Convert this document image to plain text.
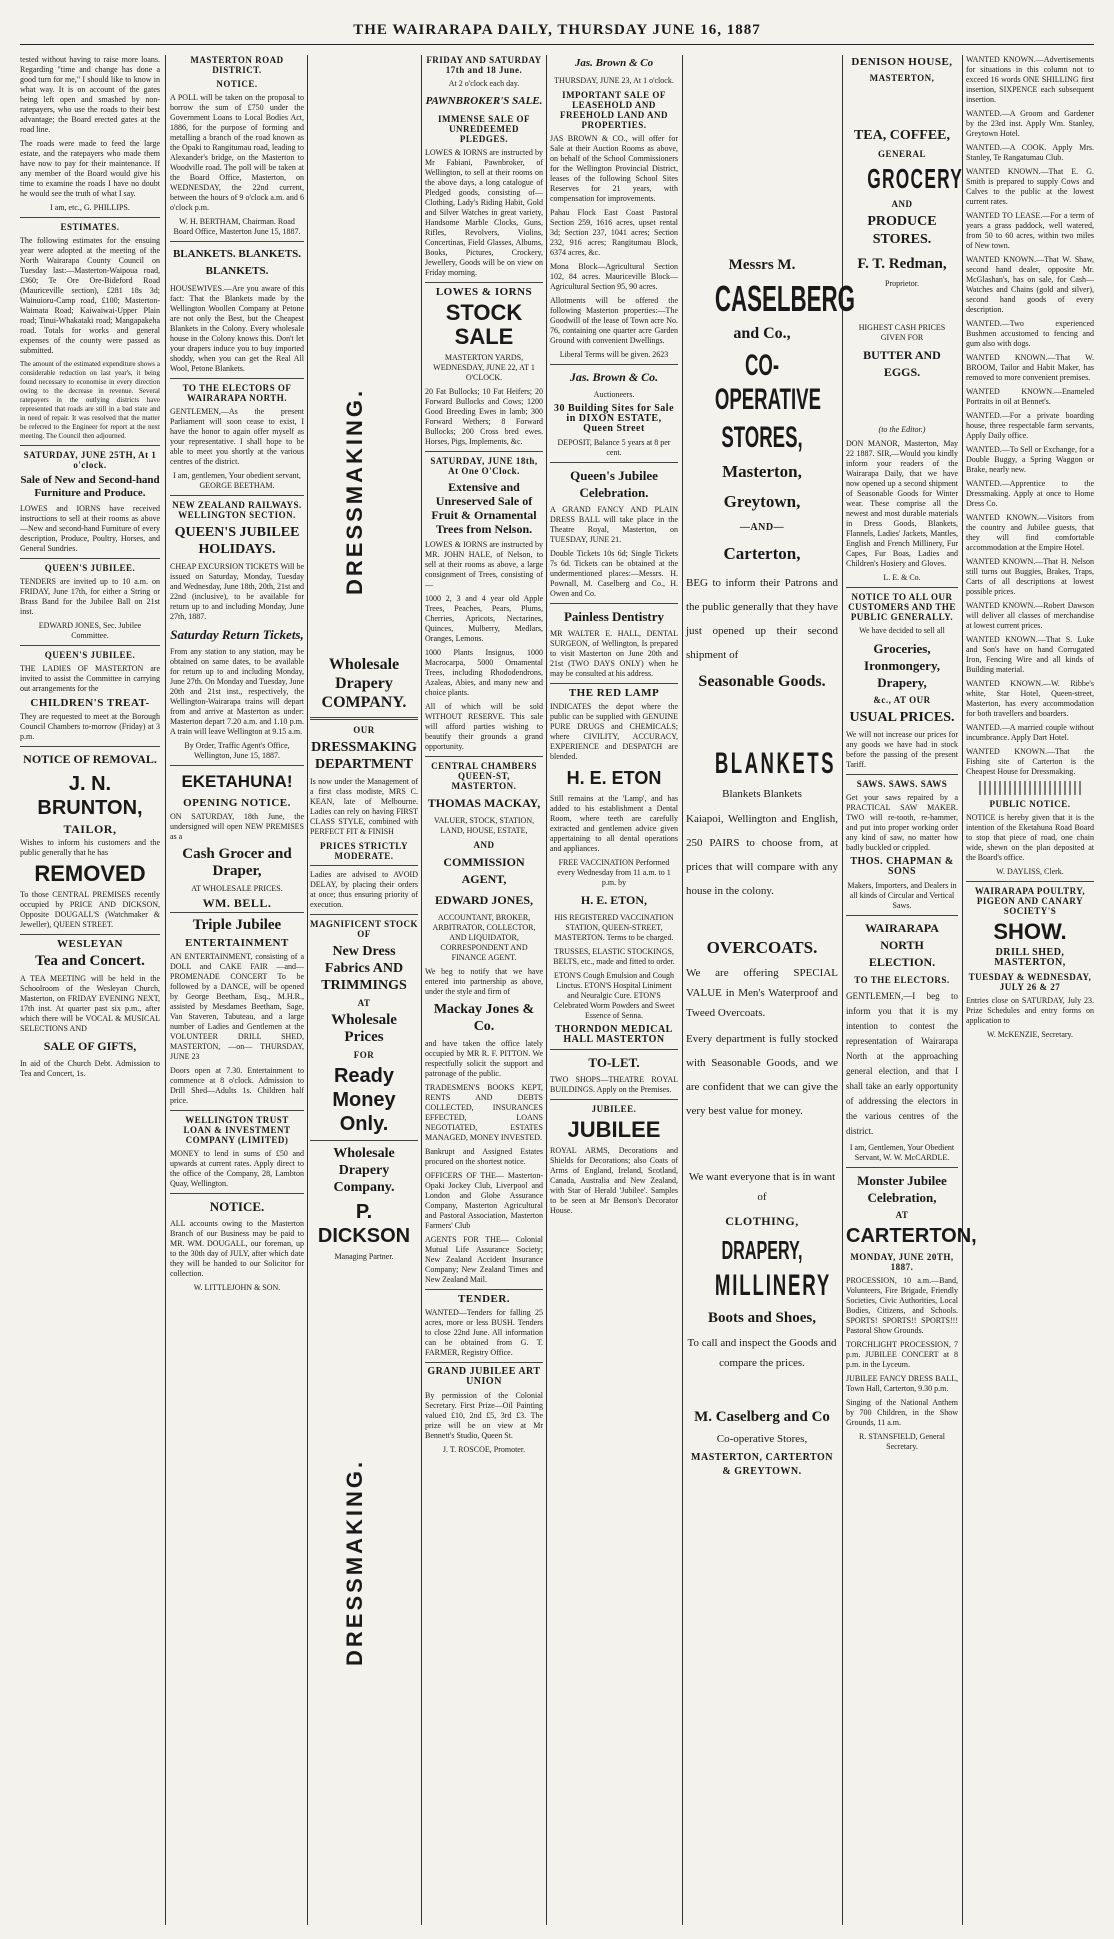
THE WAIRARAPA DAILY, THURSDAY JUNE 16, 1887

tested without having to raise more loans. Regarding "time and change has done a good turn for me," I should like to know in what way. It is on account of the gates being left open and smashed by non-ratepayers, who use the roads to their best advantage; the Board erected gates at the road line.

The roads were made to feed the large estate, and the ratepayers who made them have now to pay for their maintenance. If any member of the Board would give his time to examine the roads I have no doubt he would see the truth of what I say.

I am, etc., G. PHILLIPS.

ESTIMATES.

The following estimates for the ensuing year were adopted at the meeting of the North Wairarapa County Council on Tuesday last:—Masterton-Waipoua road, £360; Te Ore Ore-Bideford Road (Mauriceville section), £281 18s 3d; Wainuioru-Camp road, £100; Masterton-Waimata Road; Kaiwaiwai-Upper Plain road; Tinui-Whakataki road; Mangapakeha road. Totals for works and general expenses of the county were passed as submitted.

The amount of the estimated expenditure shows a considerable reduction on last year's, it being found necessary to economise in every direction owing to the decrease in revenue. Several ratepayers in the outlying districts have represented that roads are still in a bad state and in need of repair. It was resolved that the matter be referred to the Engineer for report at the next meeting. The Council then adjourned.

SATURDAY, JUNE 25TH, At 1 o'clock.

Sale of New and Second-hand Furniture and Produce.

LOWES and IORNS have received instructions to sell at their rooms as above—New and second-hand Furniture of every description, Produce, Poultry, Horses, and General Sundries.

QUEEN'S JUBILEE.

TENDERS are invited up to 10 a.m. on FRIDAY, June 17th, for either a String or Brass Band for the Jubilee Ball on 21st inst.

EDWARD JONES, Sec. Jubilee Committee.

QUEEN'S JUBILEE.

THE LADIES OF MASTERTON are invited to assist the Committee in carrying out arrangements for the

CHILDREN'S TREAT-

They are requested to meet at the Borough Council Chambers to-morrow (Friday) at 3 p.m.

NOTICE OF REMOVAL.

J. N. BRUNTON,

TAILOR,

Wishes to inform his customers and the public generally that he has

REMOVED

To those CENTRAL PREMISES recently occupied by PRICE AND DICKSON, Opposite DOUGALL'S (Watchmaker & Jeweller), QUEEN STREET.

WESLEYAN

Tea and Concert.

A TEA MEETING will be held in the Schoolroom of the Wesleyan Church, Masterton, on FRIDAY EVENING NEXT, 17th inst. At quarter past six p.m., after which there will be VOCAL & MUSICAL SELECTIONS AND

SALE OF GIFTS,

In aid of the Church Debt. Admission to Tea and Concert, 1s.

MASTERTON ROAD DISTRICT.

NOTICE.

A POLL will be taken on the proposal to borrow the sum of £750 under the Government Loans to Local Bodies Act, 1886, for the purpose of forming and metalling a branch of the road known as the Opaki to Rangitumau road, leading to Alexander's bridge, on the Masterton to Woodville road. The poll will be taken at the Board Office, Masterton, on WEDNESDAY, the 22nd current, between the hours of 9 o'clock a.m. and 6 o'clock p.m.

W. H. BERTHAM, Chairman. Road Board Office, Masterton June 15, 1887.

BLANKETS. BLANKETS. BLANKETS.

HOUSEWIVES.—Are you aware of this fact: That the Blankets made by the Wellington Woollen Company at Petone are not only the Best, but the Cheapest Blankets in the Colony. Every wholesale house in the Colony knows this. Don't let your drapers induce you to buy imported shoddy, when you can get the Real All Wool, Petone Blankets.

TO THE ELECTORS OF WAIRARAPA NORTH.

GENTLEMEN,—As the present Parliament will soon cease to exist, I have the honor to again offer myself as your representative. I shall hope to be able to meet you shortly at the various centres of the district.

I am, gentlemen, Your obedient servant, GEORGE BEETHAM.

NEW ZEALAND RAILWAYS. WELLINGTON SECTION.

QUEEN'S JUBILEE HOLIDAYS.

CHEAP EXCURSION TICKETS Will be issued on Saturday, Monday, Tuesday and Wednesday, June 18th, 20th, 21st and 22nd (inclusive), to be available for return up to and including Monday, June 27th, 1887.

Saturday Return Tickets,

From any station to any station, may be obtained on same dates, to be available for return up to and including Monday, June 27th. On Monday and Tuesday, June 20th and 21st inst., respectively, the Wellington-Wairarapa trains will depart from and arrive at Masterton as under: Masterton depart 7.20 a.m. and 1.10 p.m. A train will leave Wellington at 9.15 a.m.

By Order, Traffic Agent's Office, Wellington, June 15, 1887.

EKETAHUNA!

OPENING NOTICE.

ON SATURDAY, 18th June, the undersigned will open NEW PREMISES as a

Cash Grocer and Draper,

AT WHOLESALE PRICES.

WM. BELL.

Triple Jubilee

ENTERTAINMENT

AN ENTERTAINMENT, consisting of a DOLL and CAKE FAIR —and— PROMENADE CONCERT To be followed by a DANCE, will be opened by George Beetham, Esq., M.H.R., assisted by Mesdames Beetham, Sage, Van Staveren, Tabuteau, and a large number of Ladies and Gentlemen at the VOLUNTEER DRILL SHED, MASTERTON, —on— THURSDAY, JUNE 23

Doors open at 7.30. Entertainment to commence at 8 o'clock. Admission to Drill Shed—Adults 1s. Children half price.

WELLINGTON TRUST LOAN & INVESTMENT COMPANY (LIMITED)

MONEY to lend in sums of £50 and upwards at current rates. Apply direct to the office of the Company, 28, Lambton Quay, Wellington.

NOTICE.

ALL accounts owing to the Masterton Branch of our Business may be paid to MR. WM. DOUGALL, our foreman, up to the 30th day of JULY, after which date they will be handed to our Solicitor for collection.

W. LITTLEJOHN & SON.

DRESSMAKING.

Wholesale Drapery COMPANY.

OUR

DRESSMAKING DEPARTMENT

Is now under the Management of a first class modiste, MRS C. KEAN, late of Melbourne. Ladies can rely on having FIRST CLASS STYLE, combined with PERFECT FIT & FINISH

PRICES STRICTLY MODERATE.

Ladies are advised to AVOID DELAY, by placing their orders at once; thus ensuring priority of execution.

MAGNIFICENT STOCK OF

New Dress Fabrics AND TRIMMINGS

AT

Wholesale Prices

FOR

Ready Money Only.

Wholesale Drapery Company.

P. DICKSON

Managing Partner.

DRESSMAKING.

FRIDAY AND SATURDAY 17th and 18 June.

At 2 o'clock each day.

PAWNBROKER'S SALE.

IMMENSE SALE OF UNREDEEMED PLEDGES.

LOWES & IORNS are instructed by Mr Fabiani, Pawnbroker, of Wellington, to sell at their rooms on the above days, a long catalogue of Pledged goods, consisting of—Clothing, Lady's Riding Habit, Gold and Silver Watches in great variety, Handsome Marble Clocks, Guns, Rifles, Revolvers, Violins, Concertinas, Field Glasses, Albums, Books, Pictures, Crockery, Jewellery, Goods will be on view on Friday morning.

LOWES & IORNS

STOCK SALE

MASTERTON YARDS, WEDNESDAY, JUNE 22, AT 1 O'CLOCK.

20 Fat Bullocks; 10 Fat Heifers; 20 Forward Bullocks and Cows; 1200 Good Breeding Ewes in lamb; 300 Forward Wethers; 8 Forward Bullocks; 200 Cross bred ewes. Horses, Pigs, Implements, &c.

SATURDAY, JUNE 18th, At One O'Clock.

Extensive and Unreserved Sale of Fruit & Ornamental Trees from Nelson.

LOWES & IORNS are instructed by MR. JOHN HALE, of Nelson, to sell at their rooms as above, a large consignment of Trees, consisting of—

1000 2, 3 and 4 year old Apple Trees, Peaches, Pears, Plums, Cherries, Apricots, Nectarines, Quinces, Mulberry, Medlars, Oranges, Lemons.

1000 Plants Insignus, 1000 Macrocarpa, 5000 Ornamental Trees, including Rhododendrons, Azaleas, Abies, and many new and choice plants.

All of which will be sold WITHOUT RESERVE. This sale will afford parties wishing to beautify their grounds a grand opportunity.

CENTRAL CHAMBERS QUEEN-ST, MASTERTON.

THOMAS MACKAY,

VALUER, STOCK, STATION, LAND, HOUSE, ESTATE,

AND

COMMISSION AGENT,

EDWARD JONES,

ACCOUNTANT, BROKER, ARBITRATOR, COLLECTOR, AND LIQUIDATOR, CORRESPONDENT AND FINANCE AGENT.

We beg to notify that we have entered into partnership as above, under the style and firm of

Mackay Jones & Co.

and have taken the office lately occupied by MR R. F. PITTON. We respectfully solicit the support and patronage of the public.

TRADESMEN'S BOOKS KEPT, RENTS AND DEBTS COLLECTED, INSURANCES EFFECTED, LOANS NEGOTIATED, ESTATES MANAGED, MONEY INVESTED.

Bankrupt and Assigned Estates procured on the shortest notice.

OFFICERS OF THE— Masterton-Opaki Jockey Club, Liverpool and London and Globe Assurance Company, Masterton Agricultural and Pastoral Association, Masterton Farmers' Club

AGENTS FOR THE— Colonial Mutual Life Assurance Society; New Zealand Accident Insurance Company; New Zealand Times and New Zealand Mail.

TENDER.

WANTED—Tenders for falling 25 acres, more or less BUSH. Tenders to close 22nd June. All information can be obtained from G. T. FARMER, Registry Office.

GRAND JUBILEE ART UNION

By permission of the Colonial Secretary. First Prize—Oil Painting valued £10, 2nd £5, 3rd £3. The prize will be on view at Mr Bennett's Studio, Queen St.

J. T. ROSCOE, Promoter.

Jas. Brown & Co

THURSDAY, JUNE 23, At 1 o'clock.

IMPORTANT SALE OF LEASEHOLD AND FREEHOLD LAND AND PROPERTIES.

JAS BROWN & CO., will offer for Sale at their Auction Rooms as above, on behalf of the School Commissioners for the Wellington Provincial District, leases of the following School Sites Reserves for 21 years, with compensation for improvements.

Pahau Flock East Coast Pastoral Section 259, 1616 acres, upset rental 3d; Section 237, 1041 acres; Section 232, 916 acres; Rangitumau Block, 6374 acres, &c.

Mona Block—Agricultural Section 102, 84 acres. Mauriceville Block—Agricultural Section 95, 90 acres.

Allotments will be offered the following Masterton properties:—The Goodwill of the lease of Town acre No. 76, containing one quarter acre Garden Ground with convenient Dwellings.

Liberal Terms will be given. 2623

Jas. Brown & Co.

Auctioneers.

30 Building Sites for Sale in DIXON ESTATE, Queen Street

DEPOSIT, Balance 5 years at 8 per cent.

Queen's Jubilee Celebration.

A GRAND FANCY AND PLAIN DRESS BALL will take place in the Theatre Royal, Masterton, on TUESDAY, JUNE 21.

Double Tickets 10s 6d; Single Tickets 7s 6d. Tickets can be obtained at the undermentioned places:—Messrs. H. Pownall, M. Caselberg and Co., H. Owen and Co.

Painless Dentistry

MR WALTER E. HALL, DENTAL SURGEON, of Wellington, Is prepared to visit Masterton on June 20th and 21st (TWO DAYS ONLY) when he may be consulted at his address.

THE RED LAMP

INDICATES the depot where the public can be supplied with GENUINE PURE DRUGS and CHEMICALS; where CIVILITY, ACCURACY, EXPERIENCE and DESPATCH are blended.

H. E. ETON

Still remains at the 'Lamp', and has added to his establishment a Dental Room, where teeth are carefully extracted and gentlemen advice given appertaining to all dental operations and appliances.

FREE VACCINATION Performed every Wednesday from 11 a.m. to 1 p.m. by

H. E. ETON,

HIS REGISTERED VACCINATION STATION, QUEEN-STREET, MASTERTON. Terms to be charged.

TRUSSES, ELASTIC STOCKINGS, BELTS, etc., made and fitted to order.

ETON'S Cough Emulsion and Cough Linctus. ETON'S Hospital Liniment and Neuralgic Cure. ETON'S Celebrated Worm Powders and Sweet Essence of Senna.

THORNDON MEDICAL HALL MASTERTON

TO-LET.

TWO SHOPS—THEATRE ROYAL BUILDINGS. Apply on the Premises.

JUBILEE.

JUBILEE

ROYAL ARMS, Decorations and Shields for Decorations; also Coats of Arms of England, Ireland, Scotland, Canada, Australia and New Zealand, with Star of Herald 'Jubilee'. Samples to be seen at Mr Benson's Decorator House.

Messrs M.

CASELBERG

and Co.,

CO-OPERATIVE

STORES,

Masterton,

Greytown,

—AND—

Carterton,

BEG to inform their Patrons and the public generally that they have just opened up their second shipment of

Seasonable Goods.

BLANKETS

Blankets Blankets

Kaiapoi, Wellington and English, 250 PAIRS to choose from, at prices that will compare with any house in the colony.

OVERCOATS.

We are offering SPECIAL VALUE in Men's Waterproof and Tweed Overcoats.

Every department is fully stocked with Seasonable Goods, and we are confident that we can give the very best value for money.

We want everyone that is in want of

CLOTHING,

DRAPERY,

MILLINERY

Boots and Shoes,

To call and inspect the Goods and compare the prices.

M. Caselberg and Co

Co-operative Stores,

MASTERTON, CARTERTON & GREYTOWN.

DENISON HOUSE,

MASTERTON,

TEA, COFFEE,

GENERAL

GROCERY

AND

PRODUCE STORES.

F. T. Redman,

Proprietor.

HIGHEST CASH PRICES GIVEN FOR

BUTTER AND EGGS.

(to the Editor.)

DON MANOR, Masterton, May 22 1887. SIR,—Would you kindly inform your readers of the Wairarapa Daily, that we have now opened up a second shipment of Seasonable Goods for Winter wear. These comprise all the newest and most durable materials in Dress Goods, Blankets, Flannels, Ladies' Jackets, Mantles, English and French Millinery, Fur Capes, Fur Boas, Ladies and Children's Hosiery and Gloves.

L. E. & Co.

NOTICE TO ALL OUR CUSTOMERS AND THE PUBLIC GENERALLY.

We have decided to sell all

Groceries, Ironmongery, Drapery,

&c., AT OUR

USUAL PRICES.

We will not increase our prices for any goods we have had in stock before the passing of the present Tariff.

SAWS. SAWS. SAWS

Get your saws repaired by a PRACTICAL SAW MAKER. TWO will re-tooth, re-hammer, and put into proper working order any kind of saw, no matter how badly buckled or crippled.

THOS. CHAPMAN & SONS

Makers, Importers, and Dealers in all kinds of Circular and Vertical Saws.

WAIRARAPA NORTH ELECTION.

TO THE ELECTORS.

GENTLEMEN,—I beg to inform you that it is my intention to contest the representation of Wairarapa North at the approaching general election, and that I shall take an early opportunity of addressing the electors in the various centres of the district.

I am, Gentlemen, Your Obedient Servant, W. W. McCARDLE.

Monster Jubilee Celebration,

AT

CARTERTON,

MONDAY, JUNE 20TH, 1887.

PROCESSION, 10 a.m.—Band, Volunteers, Fire Brigade, Friendly Societies, Civic Authorities, Local Bodies, Citizens, and Schools. SPORTS! SPORTS!! SPORTS!!! Pastoral Show Grounds.

TORCHLIGHT PROCESSION, 7 p.m. JUBILEE CONCERT at 8 p.m. in the Lyceum.

JUBILEE FANCY DRESS BALL, Town Hall, Carterton, 9.30 p.m.

Singing of the National Anthem by 700 Children, in the Show Grounds, 11 a.m.

R. STANSFIELD, General Secretary.

WANTED KNOWN.—Advertisements for situations in this column not to exceed 16 words ONE SHILLING first insertion, SIXPENCE each subsequent insertion.

WANTED.—A Groom and Gardener by the 23rd inst. Apply Wm. Stanley, Greytown Hotel.

WANTED.—A COOK. Apply Mrs. Stanley, Te Rangatumau Club.

WANTED KNOWN.—That E. G. Smith is prepared to supply Cows and Calves to the public at the lowest current rates.

WANTED TO LEASE.—For a term of years a grass paddock, well watered, from 50 to 60 acres, within two miles of New town.

WANTED KNOWN.—That W. Shaw, second hand dealer, opposite Mr. McGlashan's, has on sale, for Cash—Watches and Chains (gold and silver), second hand goods of every description.

WANTED.—Two experienced Bushmen accustomed to fencing and gum also with dogs.

WANTED KNOWN.—That W. BROOM, Tailor and Habit Maker, has removed to more convenient premises.

WANTED KNOWN.—Enameled Portraits in oil at Bennet's.

WANTED.—For a private boarding house, three respectable farm servants, Apply Daily office.

WANTED.—To Sell or Exchange, for a Double Buggy, a Spring Waggon or Brake, nearly new.

WANTED.—Apprentice to the Dressmaking. Apply at once to Home Dress Co.

WANTED KNOWN.—Visitors from the country and Jubilee guests, that they will find comfortable accommodation at the Empire Hotel.

WANTED KNOWN.—That H. Nelson still turns out Buggies, Brakes, Traps, Carts of all descriptions at lowest possible prices.

WANTED KNOWN.—Robert Dawson will deliver all classes of merchandise at lowest current prices.

WANTED KNOWN.—That S. Luke and Son's have on hand Corrugated Iron, Fencing Wire and all kinds of Building material.

WANTED KNOWN.—W. Ribbe's white, Star Hotel, Queen-street, Masterton, has every accommodation for both travellers and boarders.

WANTED.—A married couple without incumbrance. Apply Dart Hotel.

WANTED KNOWN.—That the Fishing site of Carterton is the Cheapest House for Dressmaking.

PUBLIC NOTICE.

NOTICE is hereby given that it is the intention of the Eketahuna Road Board to stop that piece of road, one chain wide, shewn on the plan deposited at the Board's office.

W. DAYLISS, Clerk.

WAIRARAPA POULTRY, PIGEON AND CANARY SOCIETY'S

SHOW.

DRILL SHED, MASTERTON,

TUESDAY & WEDNESDAY, JULY 26 & 27

Entries close on SATURDAY, July 23. Prize Schedules and entry forms on application to

W. McKENZIE, Secretary.
